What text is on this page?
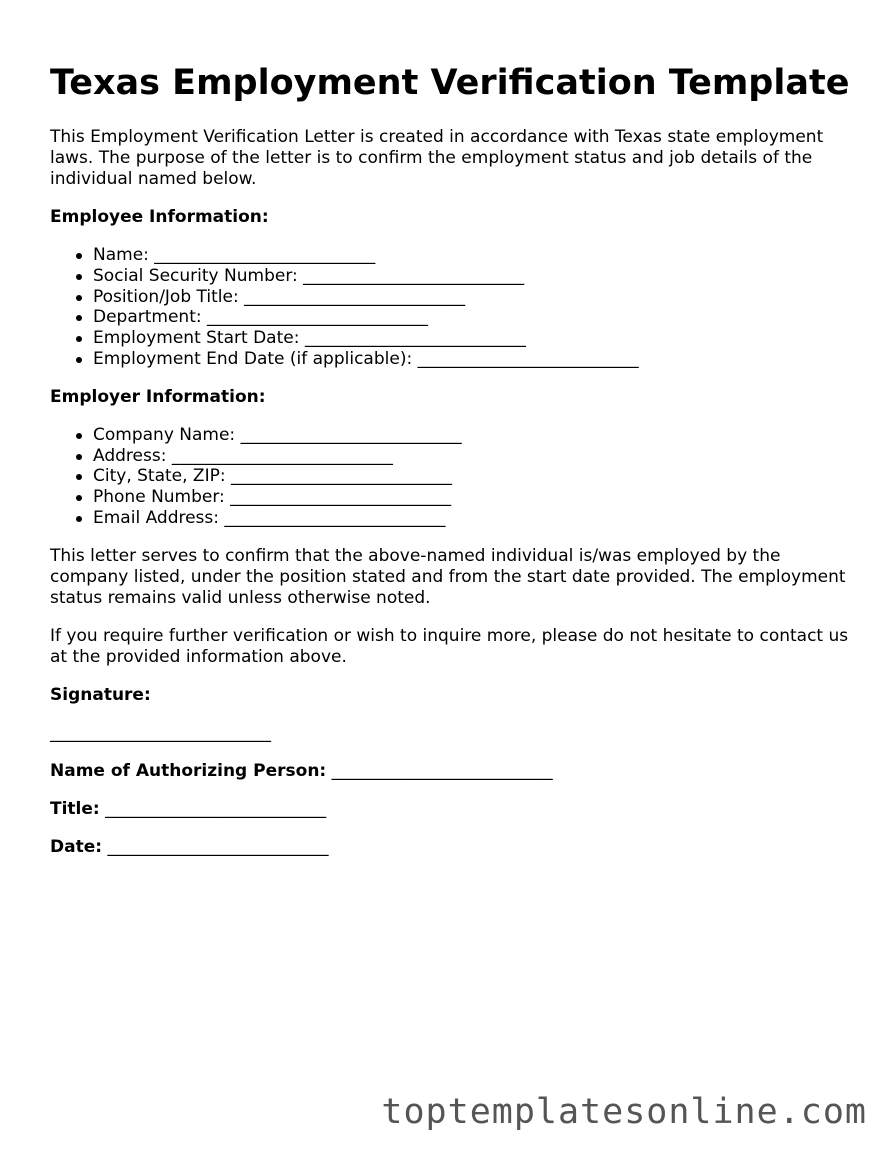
Texas Employment Verification Template

This Employment Verification Letter is created in accordance with Texas state employment laws. The purpose of the letter is to confirm the employment status and job details of the individual named below.

Employee Information:
Name: __________________________
Social Security Number: __________________________
Position/Job Title: __________________________
Department: __________________________
Employment Start Date: __________________________
Employment End Date (if applicable): __________________________
Employer Information:
Company Name: __________________________
Address: __________________________
City, State, ZIP: __________________________
Phone Number: __________________________
Email Address: __________________________

This letter serves to confirm that the above-named individual is/was employed by the company listed, under the position stated and from the start date provided. The employment status remains valid unless otherwise noted.

If you require further verification or wish to inquire more, please do not hesitate to contact us at the provided information above.

Signature:
__________________________
Name of Authorizing Person: __________________________
Title: __________________________
Date: __________________________
toptemplatesonline.com
